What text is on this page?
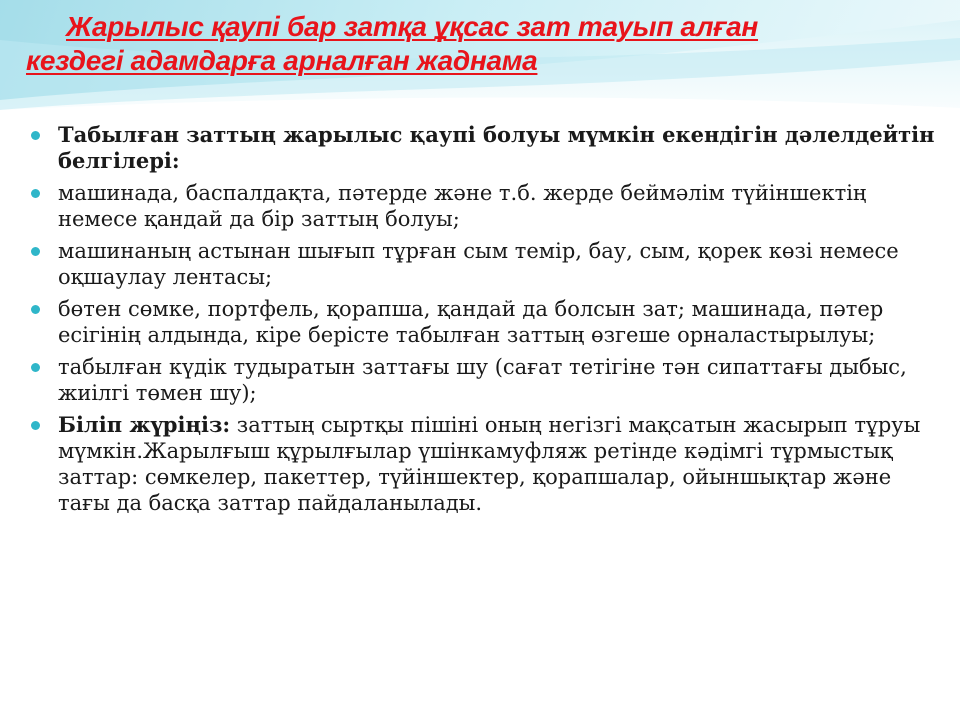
Жарылыс қаупі бар затқа ұқсас зат тауып алған
кездегі адамдарға арналған жаднама
Табылған заттың жарылыс қаупі болуы мүмкін екендігін дәлелдейтін белгілері:
машинада, баспалдақта, пәтерде және т.б. жерде беймәлім түйіншектің немесе қандай да бір заттың болуы;
машинаның астынан шығып тұрған сым темір, бау, сым, қорек көзі немесе оқшаулау лентасы;
бөтен сөмке, портфель, қорапша, қандай да болсын зат; машинада, пәтер есігінің алдында, кіре берісте табылған заттың өзгеше орналастырылуы;
табылған күдік тудыратын заттағы шу (сағат тетігіне тән сипаттағы дыбыс, жиілгі төмен шу);
Біліп жүріңіз: заттың сыртқы пішіні оның негізгі мақсатын жасырып тұруы мүмкін.Жарылғыш құрылғылар үшінкамуфляж ретінде кәдімгі тұрмыстық заттар: сөмкелер, пакеттер, түйіншектер, қорапшалар, ойыншықтар және тағы да басқа заттар пайдаланылады.
